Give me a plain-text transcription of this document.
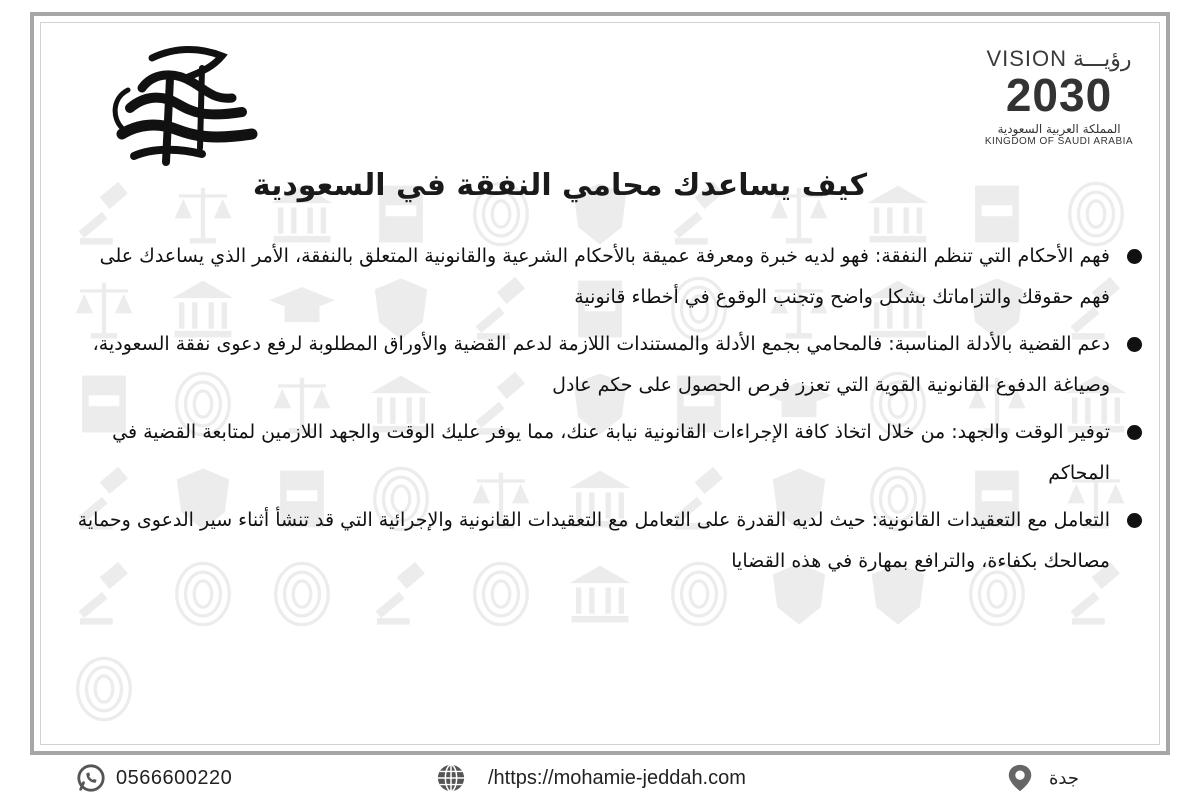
VISION رؤيـــة
2030
المملكة العربية السعودية
KINGDOM OF SAUDI ARABIA
كيف يساعدك محامي النفقة في السعودية
فهم الأحكام التي تنظم النفقة: فهو لديه خبرة ومعرفة عميقة بالأحكام الشرعية والقانونية المتعلق بالنفقة، الأمر الذي يساعدك على فهم حقوقك والتزاماتك بشكل واضح وتجنب الوقوع في أخطاء قانونية
دعم القضية بالأدلة المناسبة: فالمحامي بجمع الأدلة والمستندات اللازمة لدعم القضية والأوراق المطلوبة لرفع دعوى نفقة السعودية، وصياغة الدفوع القانونية القوية التي تعزز فرص الحصول على حكم عادل
توفير الوقت والجهد: من خلال اتخاذ كافة الإجراءات القانونية نيابة عنك، مما يوفر عليك الوقت والجهد اللازمين لمتابعة القضية في المحاكم
التعامل مع التعقيدات القانونية: حيث لديه القدرة على التعامل مع التعقيدات القانونية والإجرائية التي قد تنشأ أثناء سير الدعوى وحماية مصالحك بكفاءة، والترافع بمهارة في هذه القضايا
0566600220	/https://mohamie-jeddah.com	جدة
